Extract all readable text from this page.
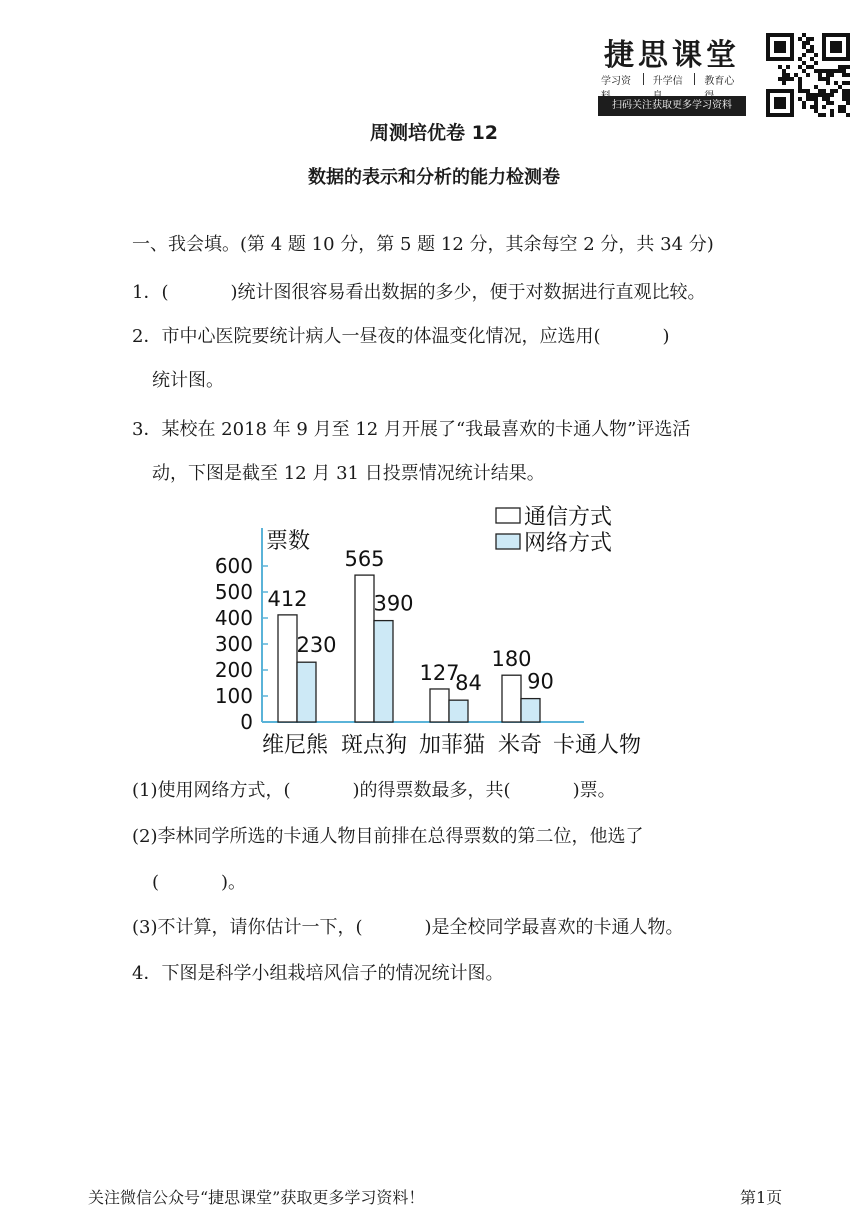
捷思课堂
学习资	升学信	教育心
扫码关注获取更多学习资料
周测培优卷 12
数据的表示和分析的能力检测卷
一、我会填。(第 4 题 10 分，第 5 题 12 分，其余每空 2 分，共 34 分)
1．(	)统计图很容易看出数据的多少，便于对数据进行直观比较。
2．市中心医院要统计病人一昼夜的体温变化情况，应选用(	)
统计图。
3．某校在 2018 年 9 月至 12 月开展了“我最喜欢的卡通人物”评选活
动，下图是截至 12 月 31 日投票情况统计结果。
票数
0
100
200
300
400
500
600
412
230
565
390
127
84
180
90
维尼熊 斑点狗 加菲猫 米奇 卡通人物
通信方式
网络方式
(1)使用网络方式，(	)的得票数最多，共(	)票。
(2)李林同学所选的卡通人物目前排在总得票数的第二位，他选了
(	)。
(3)不计算，请你估计一下，(	)是全校同学最喜欢的卡通人物。
4．下图是科学小组栽培风信子的情况统计图。
关注微信公众号“捷思课堂”获取更多学习资料！	第1页
